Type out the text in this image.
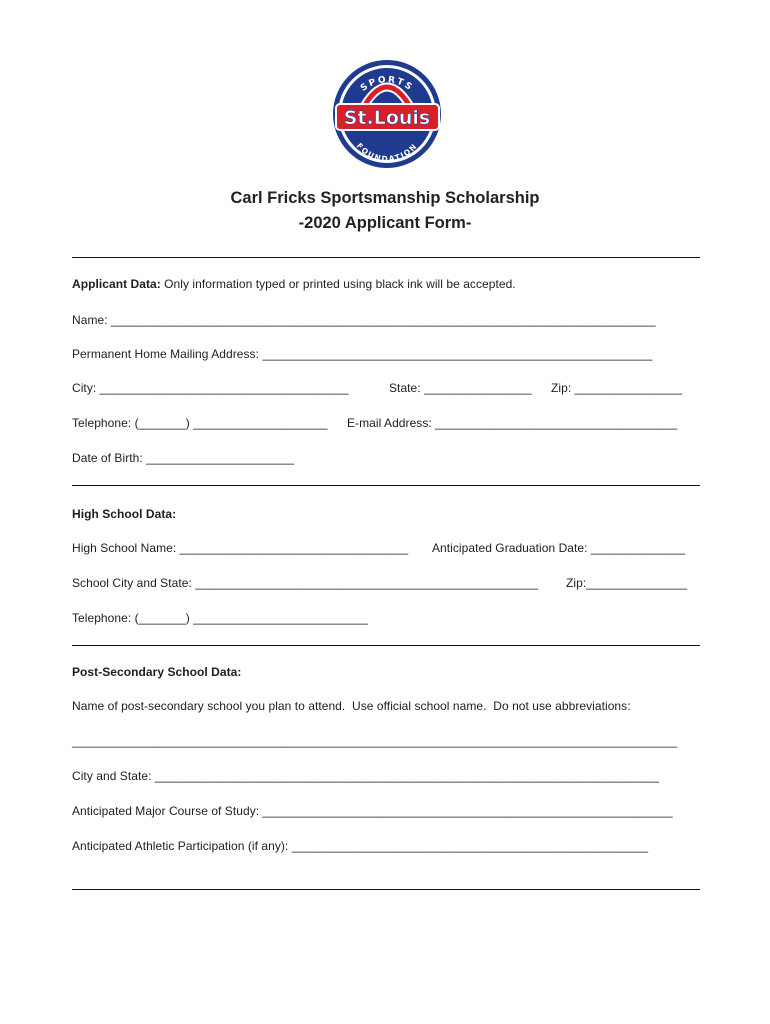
SPORTS
St.Louis
FOUNDATION
Carl Fricks Sportsmanship Scholarship
-2020 Applicant Form-
Applicant Data: Only information typed or printed using black ink will be accepted.
Name: _________________________________________________________________________________
Permanent Home Mailing Address: __________________________________________________________
City: _____________________________________	State: ________________ Zip: ________________
Telephone: (_______) ____________________ E-mail Address: ____________________________________
Date of Birth: ______________________
High School Data:
High School Name: __________________________________ Anticipated Graduation Date: ______________
School City and State: ___________________________________________________ Zip:_______________
Telephone: (_______) __________________________
Post-Secondary School Data:
Name of post-secondary school you plan to attend.  Use official school name.  Do not use abbreviations:
__________________________________________________________________________________________
City and State: ___________________________________________________________________________
Anticipated Major Course of Study: _____________________________________________________________
Anticipated Athletic Participation (if any): _____________________________________________________
